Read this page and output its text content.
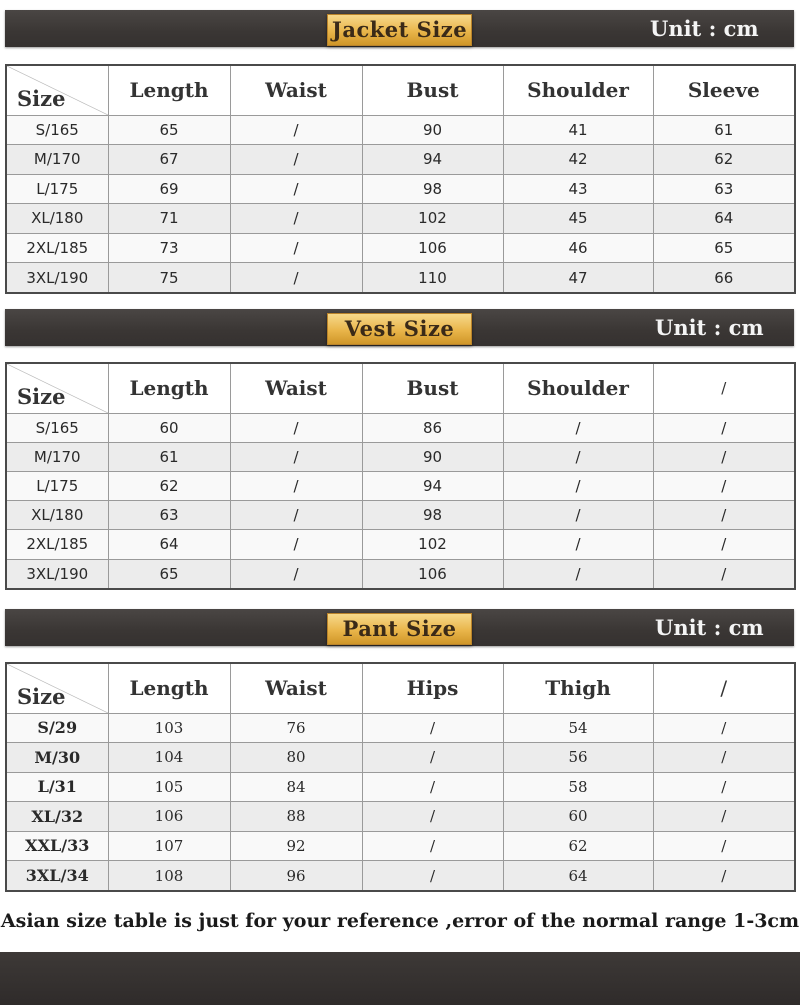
Jacket Size	Unit : cm
Size	Length	Waist	Bust	Shoulder	Sleeve
S/165	65	/	90	41	61
M/170	67	/	94	42	62
L/175	69	/	98	43	63
XL/180	71	/	102	45	64
2XL/185	73	/	106	46	65
3XL/190	75	/	110	47	66
Vest Size	Unit : cm
Size	Length	Waist	Bust	Shoulder	/
S/165	60	/	86	/	/
M/170	61	/	90	/	/
L/175	62	/	94	/	/
XL/180	63	/	98	/	/
2XL/185	64	/	102	/	/
3XL/190	65	/	106	/	/
Pant Size	Unit : cm
Size	Length	Waist	Hips	Thigh	/
S/29	103	76	/	54	/
M/30	104	80	/	56	/
L/31	105	84	/	58	/
XL/32	106	88	/	60	/
XXL/33	107	92	/	62	/
3XL/34	108	96	/	64	/
Asian size table is just for your reference ,error of the normal range 1-3cm
